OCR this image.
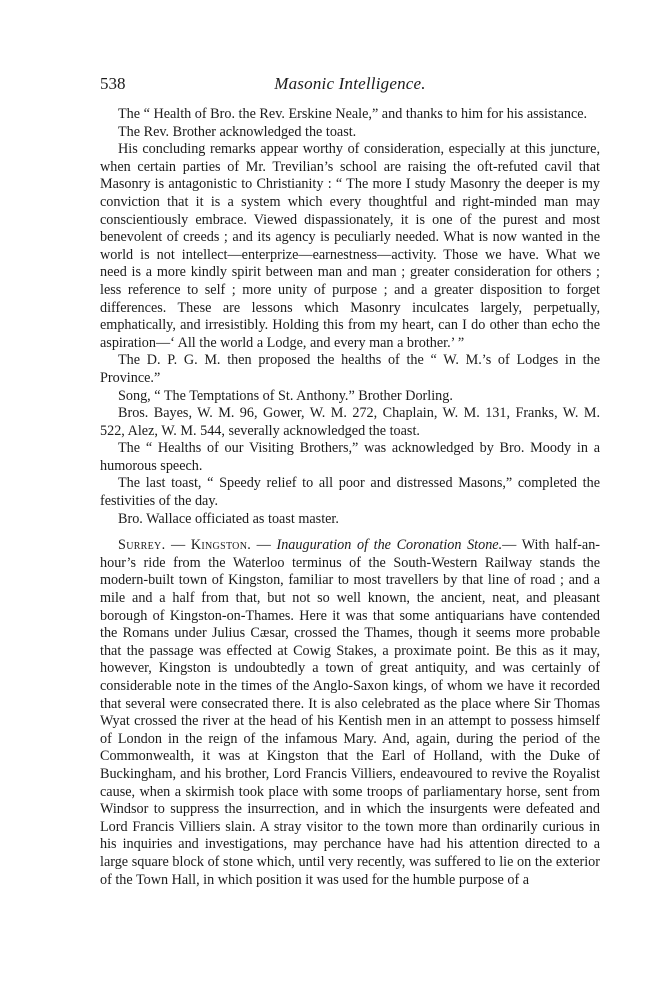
538	Masonic Intelligence.

The “ Health of Bro. the Rev. Erskine Neale,” and thanks to him for his assistance.

The Rev. Brother acknowledged the toast.

His concluding remarks appear worthy of consideration, especially at this juncture, when certain parties of Mr. Trevilian’s school are raising the oft-refuted cavil that Masonry is antagonistic to Christianity : “ The more I study Masonry the deeper is my conviction that it is a system which every thoughtful and right-minded man may conscientiously embrace. Viewed dispassionately, it is one of the purest and most benevolent of creeds ; and its agency is peculiarly needed. What is now wanted in the world is not intellect—enterprize—earnestness—activity. Those we have. What we need is a more kindly spirit between man and man ; greater consideration for others ; less reference to self ; more unity of purpose ; and a greater disposition to forget differences. These are lessons which Masonry inculcates largely, perpetually, emphatically, and irresistibly. Holding this from my heart, can I do other than echo the aspiration—‘ All the world a Lodge, and every man a brother.’ ”

The D. P. G. M. then proposed the healths of the “ W. M.’s of Lodges in the Province.”

Song, “ The Temptations of St. Anthony.” Brother Dorling.

Bros. Bayes, W. M. 96, Gower, W. M. 272, Chaplain, W. M. 131, Franks, W. M. 522, Alez, W. M. 544, severally acknowledged the toast.

The “ Healths of our Visiting Brothers,” was acknowledged by Bro. Moody in a humorous speech.

The last toast, “ Speedy relief to all poor and distressed Masons,” completed the festivities of the day.

Bro. Wallace officiated as toast master.

Surrey. — Kingston. — Inauguration of the Coronation Stone.— With half-an-hour’s ride from the Waterloo terminus of the South-Western Railway stands the modern-built town of Kingston, familiar to most travellers by that line of road ; and a mile and a half from that, but not so well known, the ancient, neat, and pleasant borough of Kingston-on-Thames. Here it was that some antiquarians have contended the Romans under Julius Cæsar, crossed the Thames, though it seems more probable that the passage was effected at Cowig Stakes, a proximate point. Be this as it may, however, Kingston is undoubtedly a town of great antiquity, and was certainly of considerable note in the times of the Anglo-Saxon kings, of whom we have it recorded that several were consecrated there. It is also celebrated as the place where Sir Thomas Wyat crossed the river at the head of his Kentish men in an attempt to possess himself of London in the reign of the infamous Mary. And, again, during the period of the Commonwealth, it was at Kingston that the Earl of Holland, with the Duke of Buckingham, and his brother, Lord Francis Villiers, endeavoured to revive the Royalist cause, when a skirmish took place with some troops of parliamentary horse, sent from Windsor to suppress the insurrection, and in which the insurgents were defeated and Lord Francis Villiers slain. A stray visitor to the town more than ordinarily curious in his inquiries and investigations, may perchance have had his attention directed to a large square block of stone which, until very recently, was suffered to lie on the exterior of the Town Hall, in which position it was used for the humble purpose of a
